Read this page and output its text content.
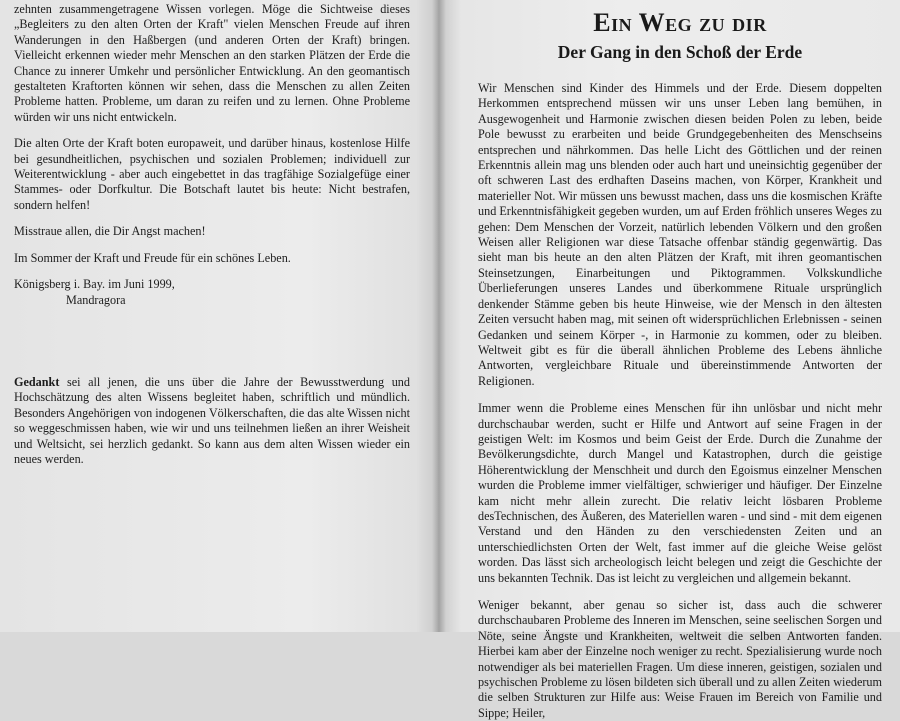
zehnten zusammengetragene Wissen vorlegen. Möge die Sichtweise dieses „Begleiters zu den alten Orten der Kraft" vielen Menschen Freude auf ihren Wanderungen in den Haßbergen (und anderen Orten der Kraft) bringen. Vielleicht erkennen wieder mehr Menschen an den starken Plätzen der Erde die Chance zu innerer Umkehr und persönlicher Entwicklung. An den geomantisch gestalteten Kraftorten können wir sehen, dass die Menschen zu allen Zeiten Probleme hatten. Probleme, um daran zu reifen und zu lernen. Ohne Probleme würden wir uns nicht entwickeln.

Die alten Orte der Kraft boten europaweit, und darüber hinaus, kostenlose Hilfe bei gesundheitlichen, psychischen und sozialen Problemen; individuell zur Weiterentwicklung - aber auch eingebettet in das tragfähige Sozialgefüge einer Stammes- oder Dorfkultur. Die Botschaft lautet bis heute: Nicht bestrafen, sondern helfen!

Misstraue allen, die Dir Angst machen!

Im Sommer der Kraft und Freude für ein schönes Leben.

Königsberg i. Bay. im Juni 1999,

Mandragora

Gedankt sei all jenen, die uns über die Jahre der Bewusstwerdung und Hochschätzung des alten Wissens begleitet haben, schriftlich und mündlich. Besonders Angehörigen von indogenen Völkerschaften, die das alte Wissen nicht so weggeschmissen haben, wie wir und uns teilnehmen ließen an ihrer Weisheit und Weltsicht, sei herzlich gedankt. So kann aus dem alten Wissen wieder ein neues werden.

Ein Weg zu dir
Der Gang in den Schoß der Erde

Wir Menschen sind Kinder des Himmels und der Erde. Diesem doppelten Herkommen entsprechend müssen wir uns unser Leben lang bemühen, in Ausgewogenheit und Harmonie zwischen diesen beiden Polen zu leben, beide Pole bewusst zu erarbeiten und beide Grundgegebenheiten des Menschseins entsprechen und nährkommen. Das helle Licht des Göttlichen und der reinen Erkenntnis allein mag uns blenden oder auch hart und uneinsichtig gegenüber der oft schweren Last des erdhaften Daseins machen, von Körper, Krankheit und materieller Not. Wir müssen uns bewusst machen, dass uns die kosmischen Kräfte und Erkenntnisfähigkeit gegeben wurden, um auf Erden fröhlich unseres Weges zu gehen: Dem Menschen der Vorzeit, natürlich lebenden Völkern und den großen Weisen aller Religionen war diese Tatsache offenbar ständig gegenwärtig. Das sieht man bis heute an den alten Plätzen der Kraft, mit ihren geomantischen Steinsetzungen, Einarbeitungen und Piktogrammen. Volkskundliche Überlieferungen unseres Landes und überkommene Rituale ursprünglich denkender Stämme geben bis heute Hinweise, wie der Mensch in den ältesten Zeiten versucht haben mag, mit seinen oft widersprüchlichen Erlebnissen - seinen Gedanken und seinem Körper -, in Harmonie zu kommen, oder zu bleiben. Weltweit gibt es für die überall ähnlichen Probleme des Lebens ähnliche Antworten, vergleichbare Rituale und übereinstimmende Antworten der Religionen.

Immer wenn die Probleme eines Menschen für ihn unlösbar und nicht mehr durchschaubar werden, sucht er Hilfe und Antwort auf seine Fragen in der geistigen Welt: im Kosmos und beim Geist der Erde. Durch die Zunahme der Bevölkerungsdichte, durch Mangel und Katastrophen, durch die geistige Höherentwicklung der Menschheit und durch den Egoismus einzelner Menschen wurden die Probleme immer vielfältiger, schwieriger und häufiger. Der Einzelne kam nicht mehr allein zurecht. Die relativ leicht lösbaren Probleme desTechnischen, des Äußeren, des Materiellen waren - und sind - mit dem eigenen Verstand und den Händen zu den verschiedensten Zeiten und an unterschiedlichsten Orten der Welt, fast immer auf die gleiche Weise gelöst worden. Das lässt sich archeologisch leicht belegen und zeigt die Geschichte der uns bekannten Technik. Das ist leicht zu vergleichen und allgemein bekannt.

Weniger bekannt, aber genau so sicher ist, dass auch die schwerer durchschaubaren Probleme des Inneren im Menschen, seine seelischen Sorgen und Nöte, seine Ängste und Krankheiten, weltweit die selben Antworten fanden. Hierbei kam aber der Einzelne noch weniger zu recht. Spezialisierung wurde noch notwendiger als bei materiellen Fragen. Um diese inneren, geistigen, sozialen und psychischen Probleme zu lösen bildeten sich überall und zu allen Zeiten wiederum die selben Strukturen zur Hilfe aus: Weise Frauen im Bereich von Familie und Sippe; Heiler,
